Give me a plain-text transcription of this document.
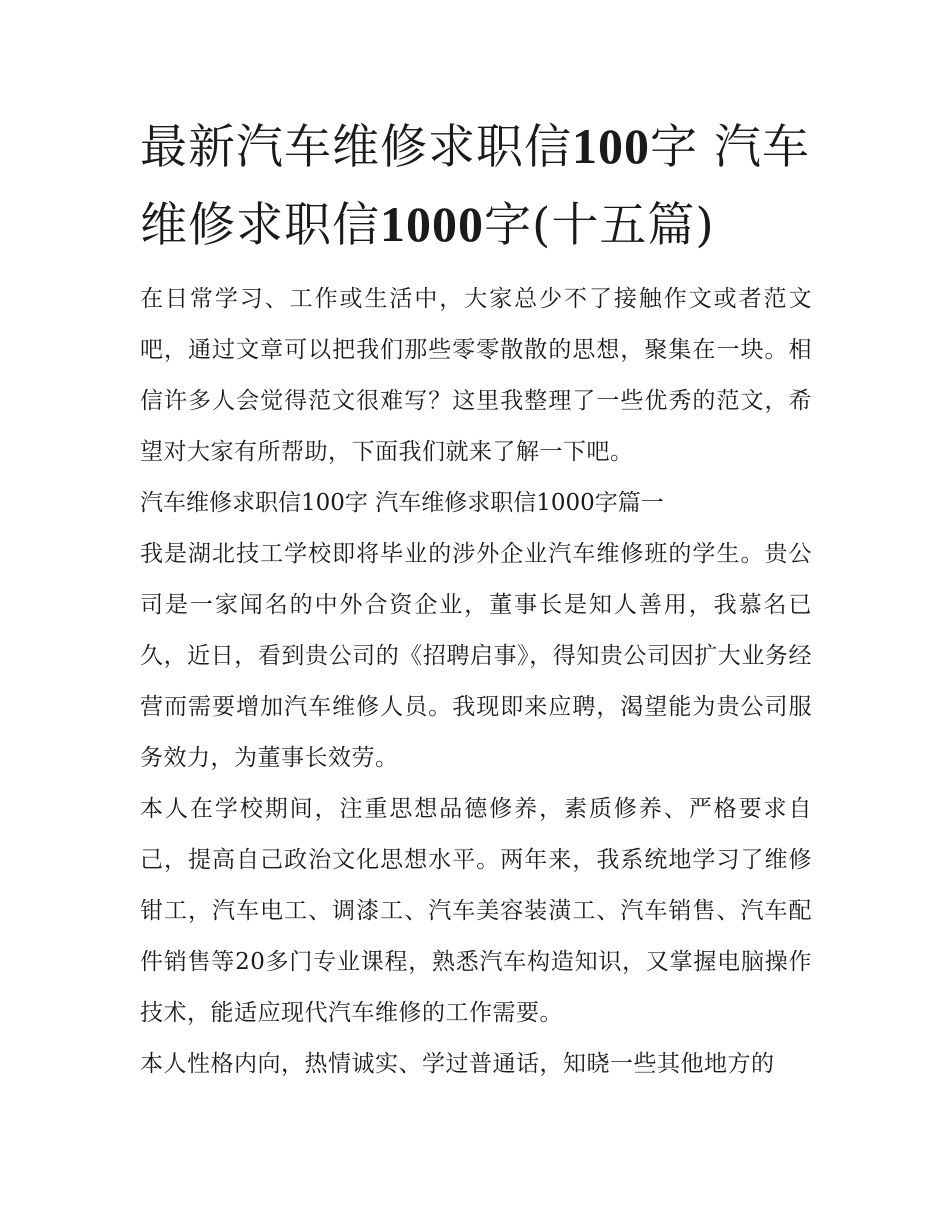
最新汽车维修求职信100字 汽车维修求职信1000字(十五篇)

在日常学习、工作或生活中，大家总少不了接触作文或者范文吧，通过文章可以把我们那些零零散散的思想，聚集在一块。相信许多人会觉得范文很难写？这里我整理了一些优秀的范文，希望对大家有所帮助，下面我们就来了解一下吧。

汽车维修求职信100字 汽车维修求职信1000字篇一

我是湖北技工学校即将毕业的涉外企业汽车维修班的学生。贵公司是一家闻名的中外合资企业，董事长是知人善用，我慕名已久，近日，看到贵公司的《招聘启事》，得知贵公司因扩大业务经营而需要增加汽车维修人员。我现即来应聘，渴望能为贵公司服务效力，为董事长效劳。

本人在学校期间，注重思想品德修养，素质修养、严格要求自己，提高自己政治文化思想水平。两年来，我系统地学习了维修钳工，汽车电工、调漆工、汽车美容装潢工、汽车销售、汽车配件销售等20多门专业课程，熟悉汽车构造知识，又掌握电脑操作技术，能适应现代汽车维修的工作需要。

本人性格内向，热情诚实、学过普通话，知晓一些其他地方的
